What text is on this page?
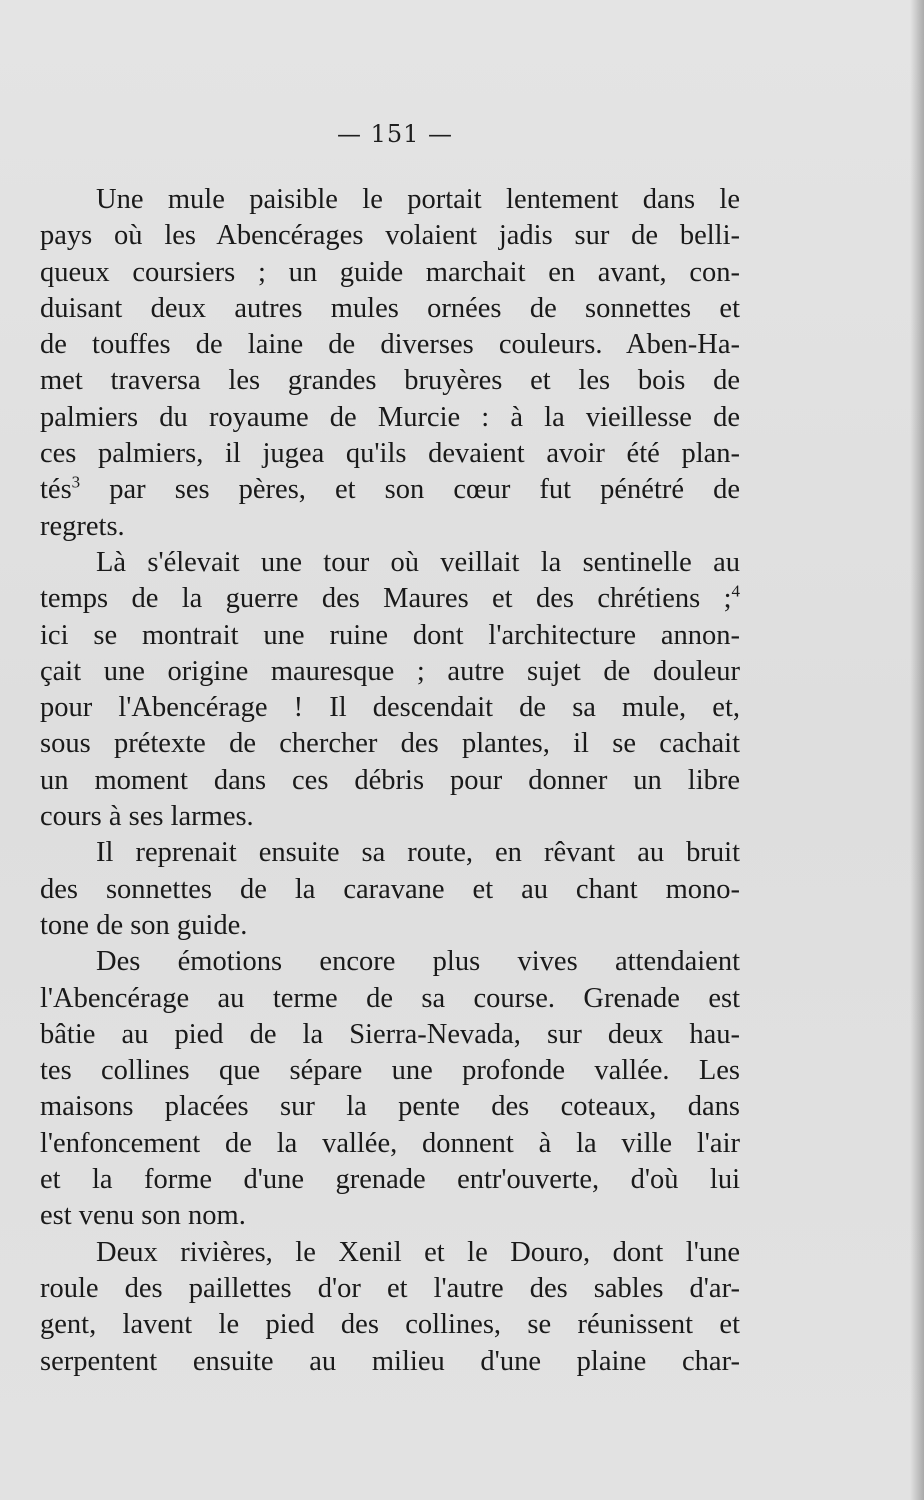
— 151 —
Une mule paisible le portait lentement dans le
pays où les Abencérages volaient jadis sur de belli-
queux coursiers ; un guide marchait en avant, con-
duisant deux autres mules ornées de sonnettes et
de touffes de laine de diverses couleurs. Aben-Ha-
met traversa les grandes bruyères et les bois de
palmiers du royaume de Murcie : à la vieillesse de
ces palmiers, il jugea qu'ils devaient avoir été plan-
tés$^3$ par ses pères, et son cœur fut pénétré de
regrets.
Là s'élevait une tour où veillait la sentinelle au
temps de la guerre des Maures et des chrétiens ;$^4$
ici se montrait une ruine dont l'architecture annon-
çait une origine mauresque ; autre sujet de douleur
pour l'Abencérage ! Il descendait de sa mule, et,
sous prétexte de chercher des plantes, il se cachait
un moment dans ces débris pour donner un libre
cours à ses larmes.
Il reprenait ensuite sa route, en rêvant au bruit
des sonnettes de la caravane et au chant mono-
tone de son guide.
Des émotions encore plus vives attendaient
l'Abencérage au terme de sa course. Grenade est
bâtie au pied de la Sierra-Nevada, sur deux hau-
tes collines que sépare une profonde vallée. Les
maisons placées sur la pente des coteaux, dans
l'enfoncement de la vallée, donnent à la ville l'air
et la forme d'une grenade entr'ouverte, d'où lui
est venu son nom.
Deux rivières, le Xenil et le Douro, dont l'une
roule des paillettes d'or et l'autre des sables d'ar-
gent, lavent le pied des collines, se réunissent et
serpentent ensuite au milieu d'une plaine char-
